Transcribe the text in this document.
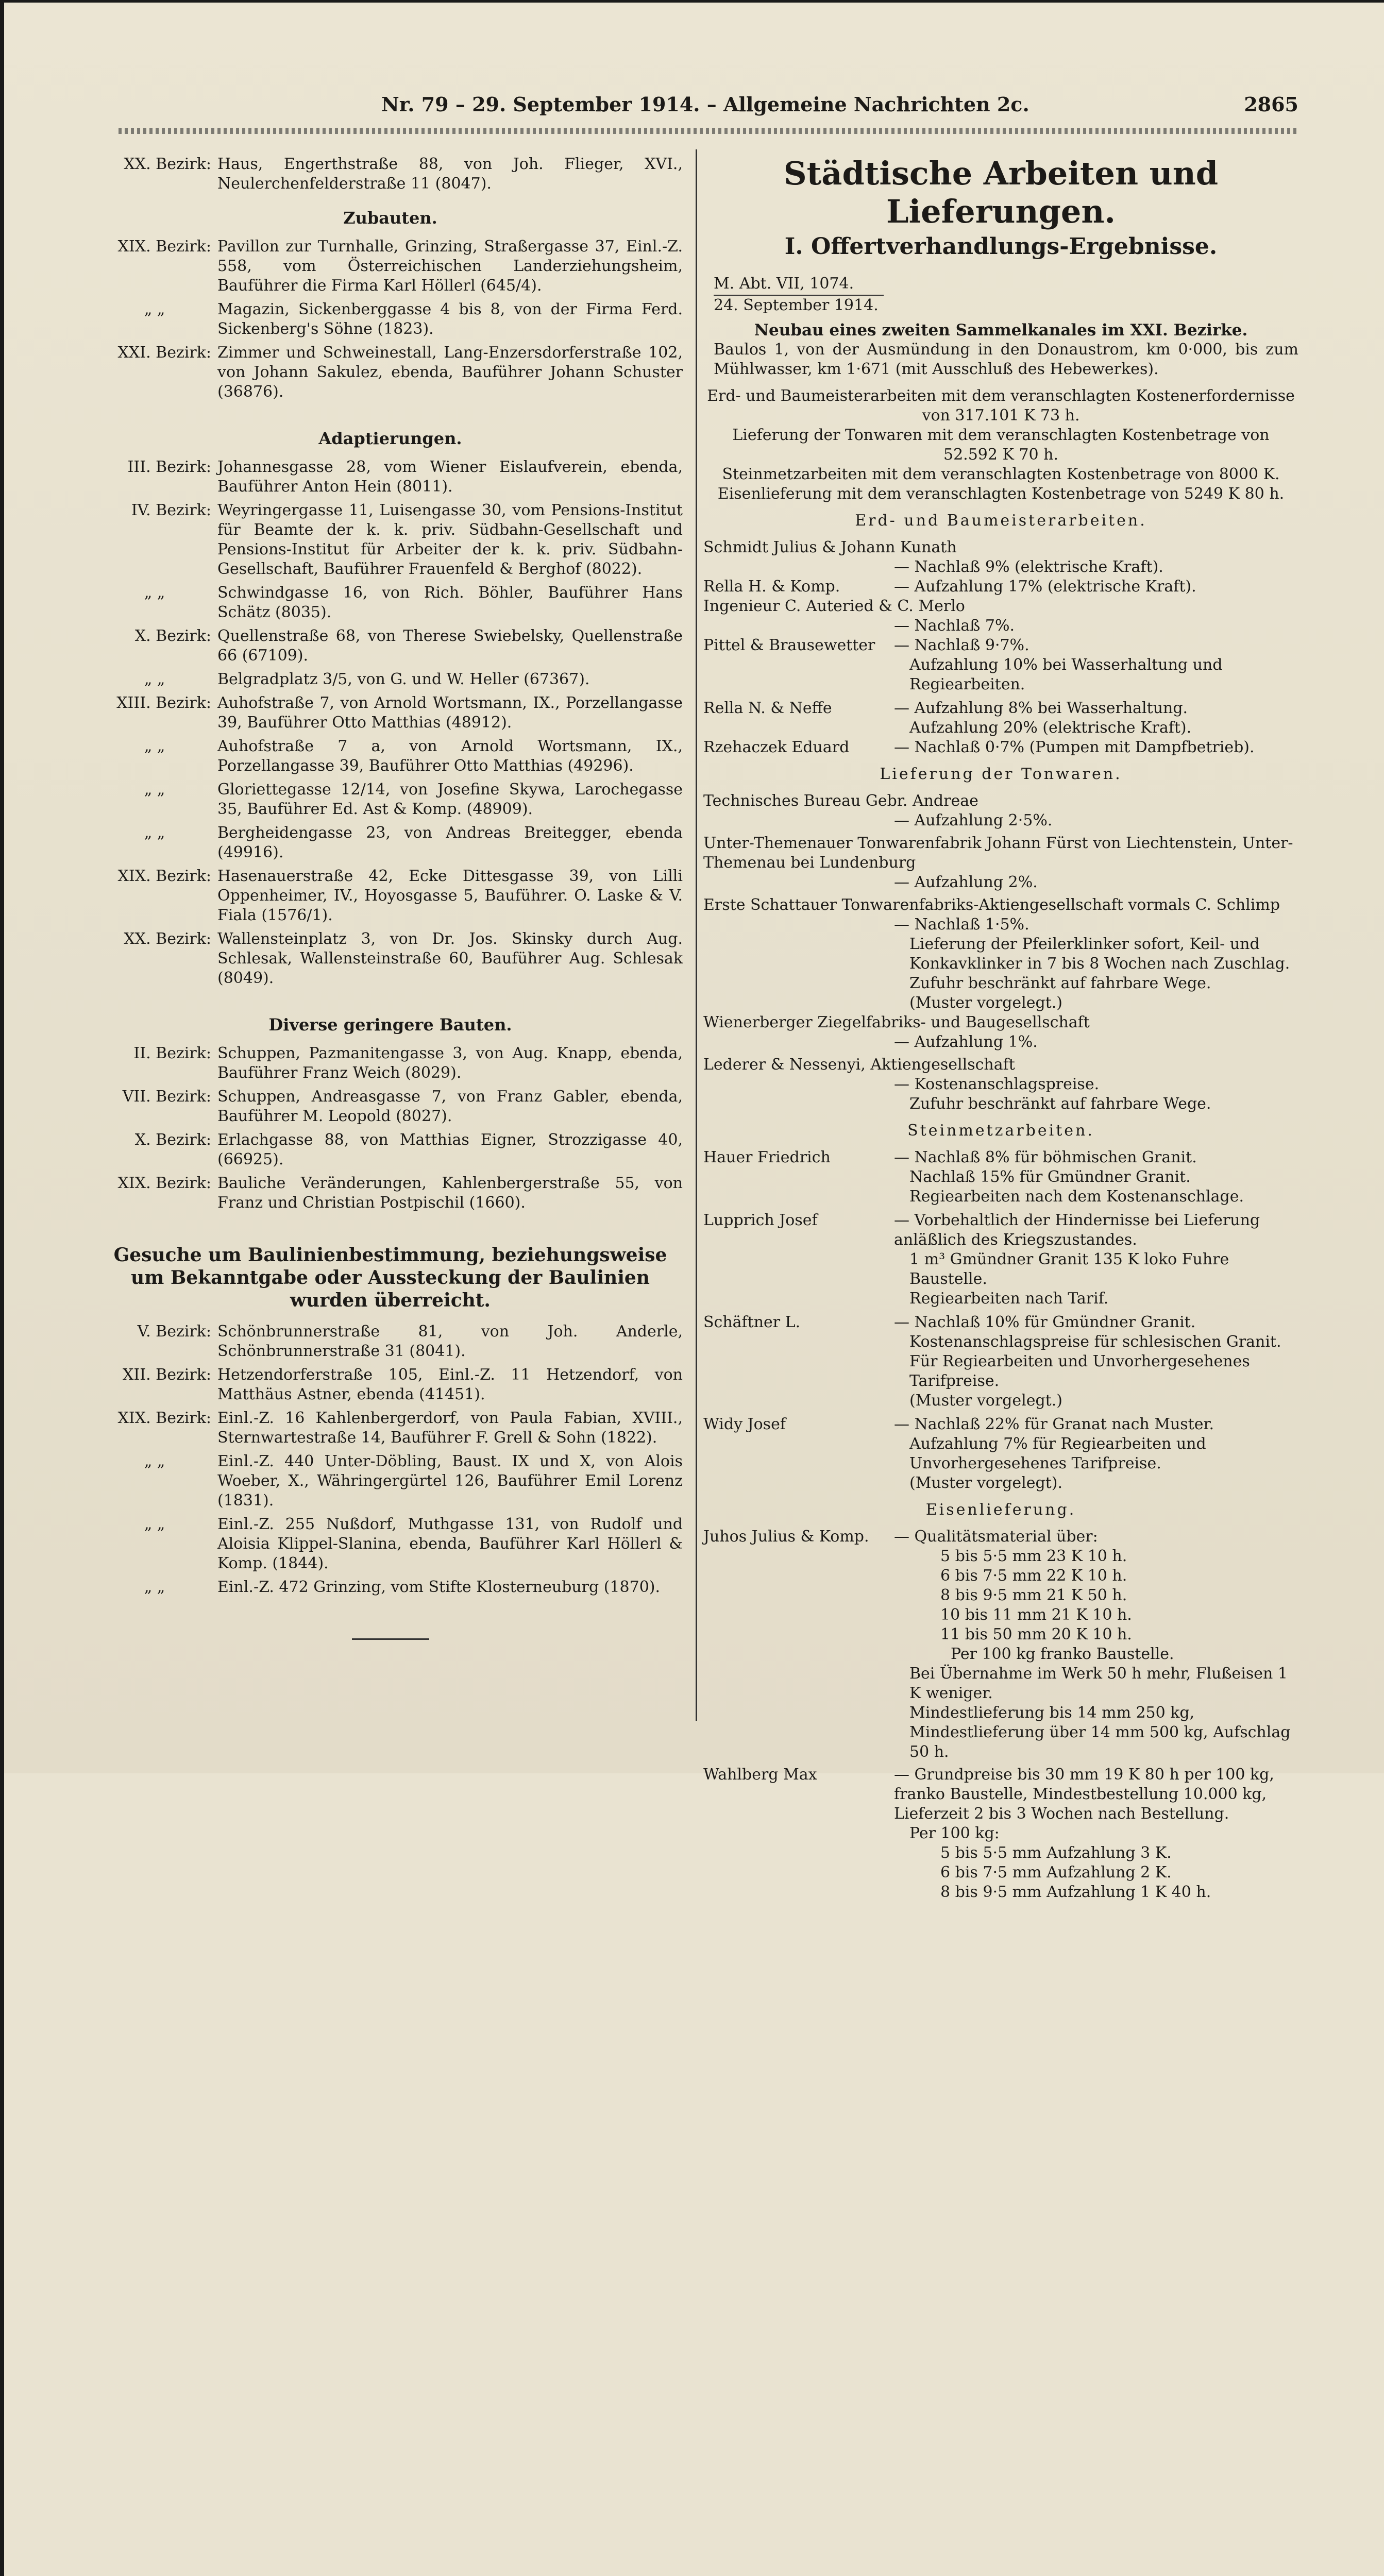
Nr. 79 – 29. September 1914. – Allgemeine Nachrichten 2c.	2865
XX. Bezirk: Haus, Engerthstraße 88, von Joh. Flieger, XVI., Neulerchenfelderstraße 11 (8047).
Zubauten.
XIX. Bezirk: Pavillon zur Turnhalle, Grinzing, Straßergasse 37, Einl.-Z. 558, vom Österreichischen Landerziehungsheim, Bauführer die Firma Karl Höllerl (645/4).
„ „	Magazin, Sickenberggasse 4 bis 8, von der Firma Ferd. Sickenberg's Söhne (1823).
XXI. Bezirk: Zimmer und Schweinestall, Lang-Enzersdorferstraße 102, von Johann Sakulez, ebenda, Bauführer Johann Schuster (36876).
Adaptierungen.
III. Bezirk: Johannesgasse 28, vom Wiener Eislaufverein, ebenda, Bauführer Anton Hein (8011).
IV. Bezirk: Weyringergasse 11, Luisengasse 30, vom Pensions-Institut für Beamte der k. k. priv. Südbahn-Gesellschaft und Pensions-Institut für Arbeiter der k. k. priv. Südbahn-Gesellschaft, Bauführer Frauenfeld & Berghof (8022).
„ „	Schwindgasse 16, von Rich. Böhler, Bauführer Hans Schätz (8035).
X. Bezirk: Quellenstraße 68, von Therese Swiebelsky, Quellenstraße 66 (67109).
„ „	Belgradplatz 3/5, von G. und W. Heller (67367).
XIII. Bezirk: Auhofstraße 7, von Arnold Wortsmann, IX., Porzellangasse 39, Bauführer Otto Matthias (48912).
„ „	Auhofstraße 7 a, von Arnold Wortsmann, IX., Porzellangasse 39, Bauführer Otto Matthias (49296).
„ „	Gloriettegasse 12/14, von Josefine Skywa, Larochegasse 35, Bauführer Ed. Ast & Komp. (48909).
„ „	Bergheidengasse 23, von Andreas Breitegger, ebenda (49916).
XIX. Bezirk: Hasenauerstraße 42, Ecke Dittesgasse 39, von Lilli Oppenheimer, IV., Hoyosgasse 5, Bauführer. O. Laske & V. Fiala (1576/1).
XX. Bezirk: Wallensteinplatz 3, von Dr. Jos. Skinsky durch Aug. Schlesak, Wallensteinstraße 60, Bauführer Aug. Schlesak (8049).
Diverse geringere Bauten.
II. Bezirk: Schuppen, Pazmanitengasse 3, von Aug. Knapp, ebenda, Bauführer Franz Weich (8029).
VII. Bezirk: Schuppen, Andreasgasse 7, von Franz Gabler, ebenda, Bauführer M. Leopold (8027).
X. Bezirk: Erlachgasse 88, von Matthias Eigner, Strozzigasse 40, (66925).
XIX. Bezirk: Bauliche Veränderungen, Kahlenbergerstraße 55, von Franz und Christian Postpischil (1660).
Gesuche um Baulinienbestimmung, beziehungsweise um Bekanntgabe oder Aussteckung der Baulinien wurden überreicht.
V. Bezirk: Schönbrunnerstraße 81, von Joh. Anderle, Schönbrunnerstraße 31 (8041).
XII. Bezirk: Hetzendorferstraße 105, Einl.-Z. 11 Hetzendorf, von Matthäus Astner, ebenda (41451).
XIX. Bezirk: Einl.-Z. 16 Kahlenbergerdorf, von Paula Fabian, XVIII., Sternwartestraße 14, Bauführer F. Grell & Sohn (1822).
„ „	Einl.-Z. 440 Unter-Döbling, Baust. IX und X, von Alois Woeber, X., Währingergürtel 126, Bauführer Emil Lorenz (1831).
„ „	Einl.-Z. 255 Nußdorf, Muthgasse 131, von Rudolf und Aloisia Klippel-Slanina, ebenda, Bauführer Karl Höllerl & Komp. (1844).
„ „	Einl.-Z. 472 Grinzing, vom Stifte Klosterneuburg (1870).
Städtische Arbeiten und Lieferungen.
I. Offertverhandlungs-Ergebnisse.
M. Abt. VII, 1074.
24. September 1914.
Neubau eines zweiten Sammelkanales im XXI. Bezirke.
Baulos 1, von der Ausmündung in den Donaustrom, km 0·000, bis zum Mühlwasser, km 1·671 (mit Ausschluß des Hebewerkes).
Erd- und Baumeisterarbeiten mit dem veranschlagten Kostenerfordernisse von 317.101 K 73 h.
Lieferung der Tonwaren mit dem veranschlagten Kostenbetrage von 52.592 K 70 h.
Steinmetzarbeiten mit dem veranschlagten Kostenbetrage von 8000 K.
Eisenlieferung mit dem veranschlagten Kostenbetrage von 5249 K 80 h.
Erd- und Baumeisterarbeiten.
Schmidt Julius & Johann Kunath
— Nachlaß 9% (elektrische Kraft).
Rella H. & Komp.	— Aufzahlung 17% (elektrische Kraft).
Ingenieur C. Auteried & C. Merlo
— Nachlaß 7%.
Pittel & Brausewetter	— Nachlaß 9·7%.
Aufzahlung 10% bei Wasserhaltung und Regiearbeiten.
Rella N. & Neffe	— Aufzahlung 8% bei Wasserhaltung.
Aufzahlung 20% (elektrische Kraft).
Rzehaczek Eduard	— Nachlaß 0·7% (Pumpen mit Dampfbetrieb).
Lieferung der Tonwaren.
Technisches Bureau Gebr. Andreae
— Aufzahlung 2·5%.
Unter-Themenauer Tonwarenfabrik Johann Fürst von Liechtenstein, Unter-Themenau bei Lundenburg
— Aufzahlung 2%.
Erste Schattauer Tonwarenfabriks-Aktiengesellschaft vormals C. Schlimp
— Nachlaß 1·5%.
Lieferung der Pfeilerklinker sofort, Keil- und Konkavklinker in 7 bis 8 Wochen nach Zuschlag.
Zufuhr beschränkt auf fahrbare Wege.
(Muster vorgelegt.)
Wienerberger Ziegelfabriks- und Baugesellschaft
— Aufzahlung 1%.
Lederer & Nessenyi, Aktiengesellschaft
— Kostenanschlagspreise.
Zufuhr beschränkt auf fahrbare Wege.
Steinmetzarbeiten.
Hauer Friedrich	— Nachlaß 8% für böhmischen Granit.
Nachlaß 15% für Gmündner Granit.
Regiearbeiten nach dem Kostenanschlage.
Lupprich Josef	— Vorbehaltlich der Hindernisse bei Lieferung anläßlich des Kriegszustandes.
1 m³ Gmündner Granit 135 K loko Fuhre Baustelle.
Regiearbeiten nach Tarif.
Schäftner L.	— Nachlaß 10% für Gmündner Granit.
Kostenanschlagspreise für schlesischen Granit.
Für Regiearbeiten und Unvorhergesehenes Tarifpreise.
(Muster vorgelegt.)
Widy Josef	— Nachlaß 22% für Granat nach Muster.
Aufzahlung 7% für Regiearbeiten und Unvorhergesehenes Tarifpreise.
(Muster vorgelegt).
Eisenlieferung.
Juhos Julius & Komp.	— Qualitätsmaterial über:
5 bis 5·5 mm 23 K 10 h.
6 bis 7·5 mm 22 K 10 h.
8 bis 9·5 mm 21 K 50 h.
10 bis 11 mm 21 K 10 h.
11 bis 50 mm 20 K 10 h.
Per 100 kg franko Baustelle.
Bei Übernahme im Werk 50 h mehr, Flußeisen 1 K weniger.
Mindestlieferung bis 14 mm 250 kg, Mindestlieferung über 14 mm 500 kg, Aufschlag 50 h.
Wahlberg Max	— Grundpreise bis 30 mm 19 K 80 h per 100 kg, franko Baustelle, Mindestbestellung 10.000 kg, Lieferzeit 2 bis 3 Wochen nach Bestellung.
Per 100 kg:
5 bis 5·5 mm Aufzahlung 3 K.
6 bis 7·5 mm Aufzahlung 2 K.
8 bis 9·5 mm Aufzahlung 1 K 40 h.
